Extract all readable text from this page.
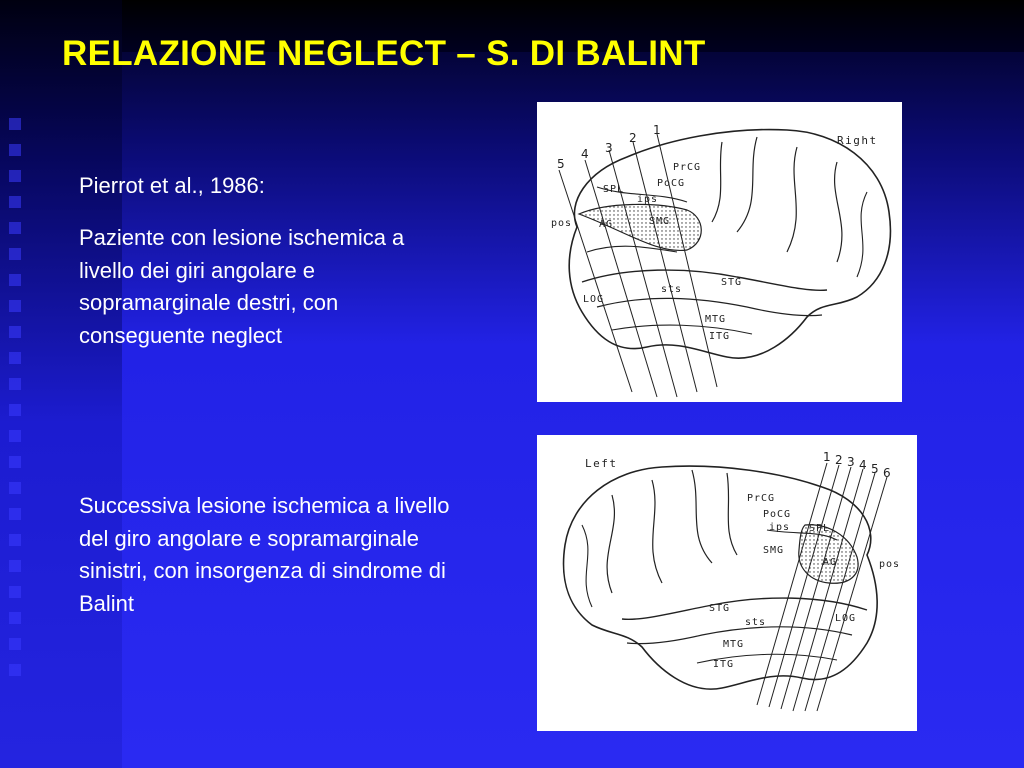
RELAZIONE NEGLECT – S. DI BALINT
Pierrot et al., 1986:
Paziente con lesione ischemica a livello dei giri angolare e sopramarginale destri, con conseguente neglect
Successiva lesione ischemica a livello del giro angolare e sopramarginale sinistri, con insorgenza di sindrome di Balint
1
2
3
4
5
Right
PrCG
PoCG
SPL
ips
pos	AG	SMG
LOG
sts
STG
MTG
ITG
1 2 3 4 5 6
Left
PrCG
PoCG
ips SPL
SMG
AG	pos
STG
sts	LOG
MTG
ITG
